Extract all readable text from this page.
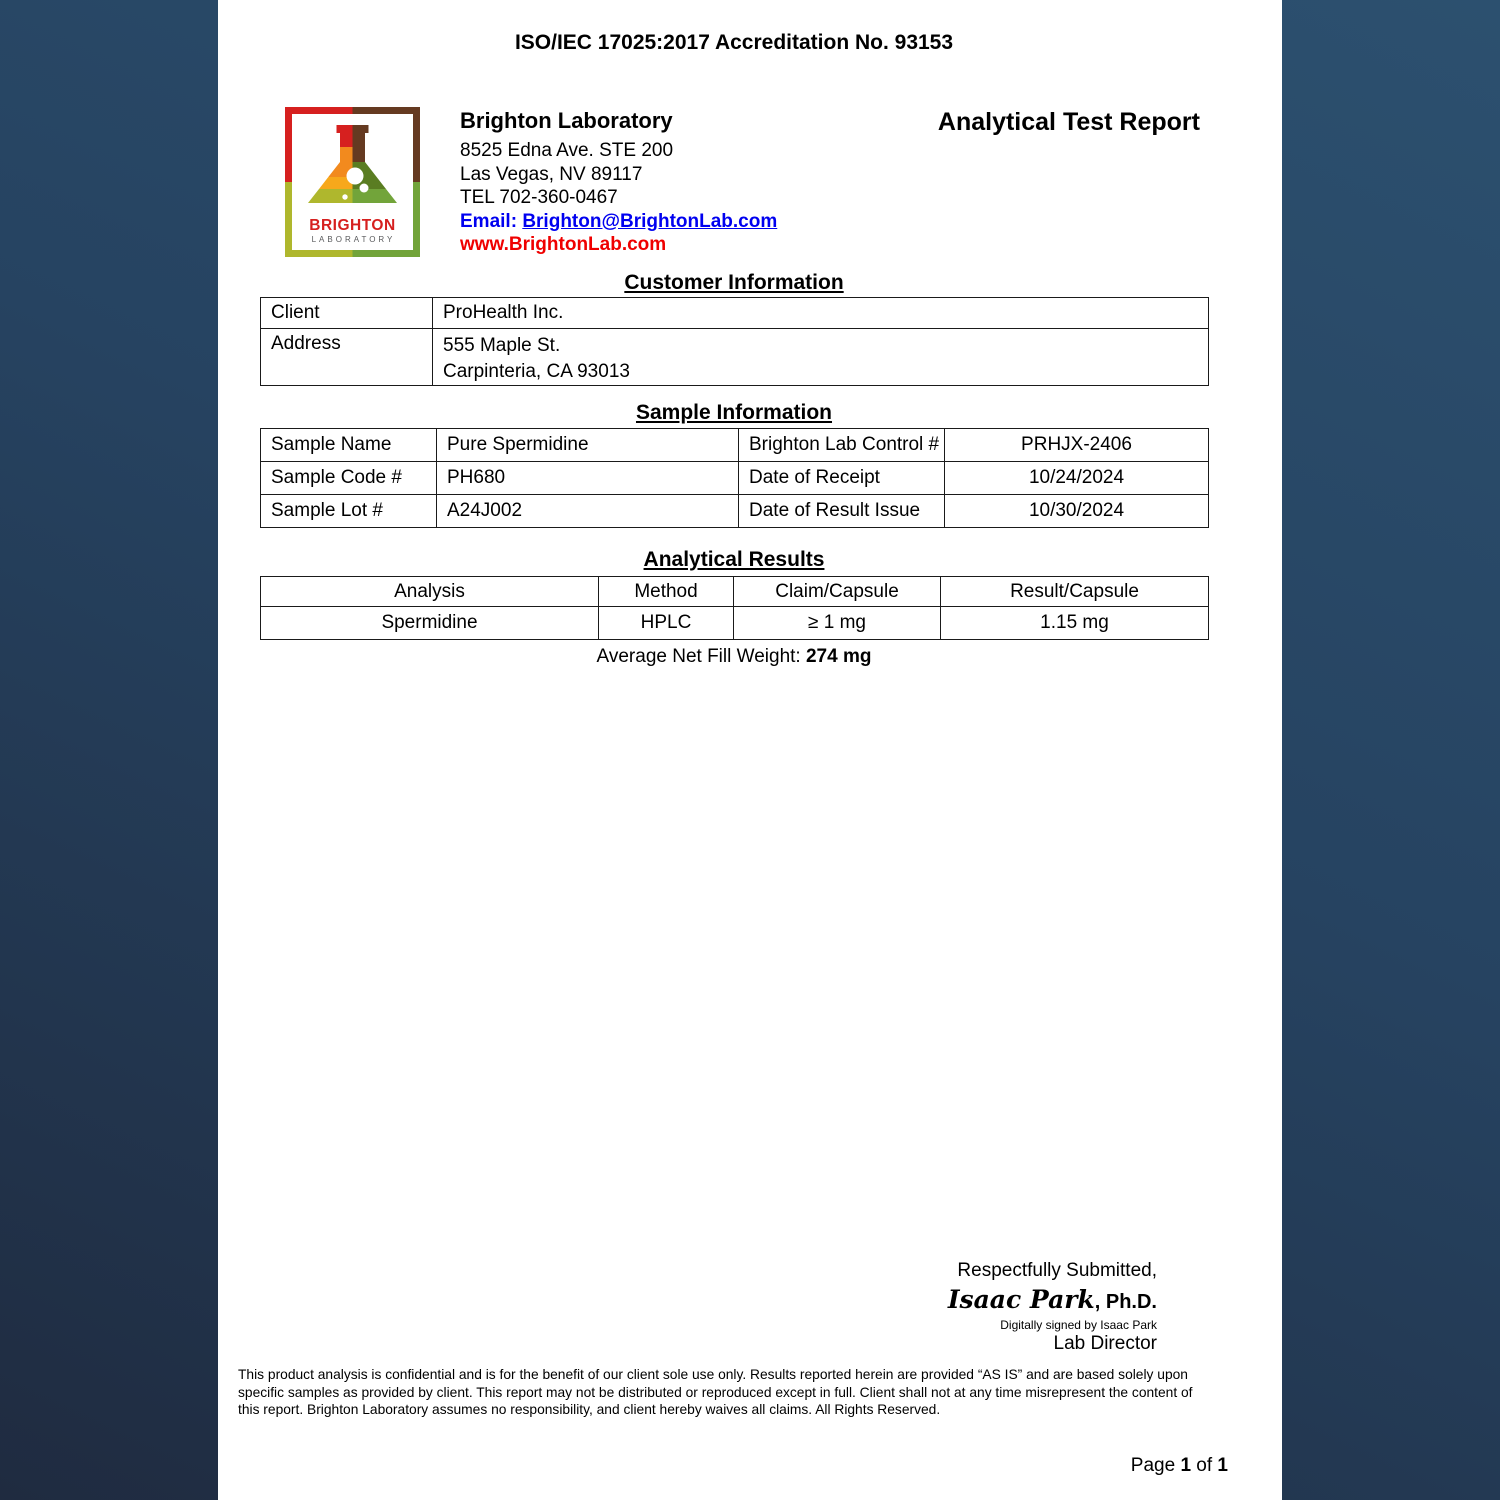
ISO/IEC 17025:2017 Accreditation No. 93153
BRIGHTON
LABORATORY
Brighton Laboratory
8525 Edna Ave. STE 200
Las Vegas, NV 89117
TEL 702-360-0467
Email: Brighton@BrightonLab.com
www.BrightonLab.com
Analytical Test Report
Customer Information
Client	ProHealth Inc.
Address	555 Maple St.
Carpinteria, CA 93013
Sample Information
Sample Name	Pure Spermidine	Brighton Lab Control #	PRHJX-2406
Sample Code #	PH680	Date of Receipt	10/24/2024
Sample Lot #	A24J002	Date of Result Issue	10/30/2024
Analytical Results
Analysis	Method	Claim/Capsule	Result/Capsule
Spermidine	HPLC	≥ 1 mg	1.15 mg
Average Net Fill Weight: 274 mg
Respectfully Submitted,
Isaac Park, Ph.D.
Digitally signed by Isaac Park
Lab Director
This product analysis is confidential and is for the benefit of our client sole use only. Results reported herein are provided “AS IS” and are based solely upon specific samples as provided by client. This report may not be distributed or reproduced except in full. Client shall not at any time misrepresent the content of this report. Brighton Laboratory assumes no responsibility, and client hereby waives all claims. All Rights Reserved.
Page 1 of 1
